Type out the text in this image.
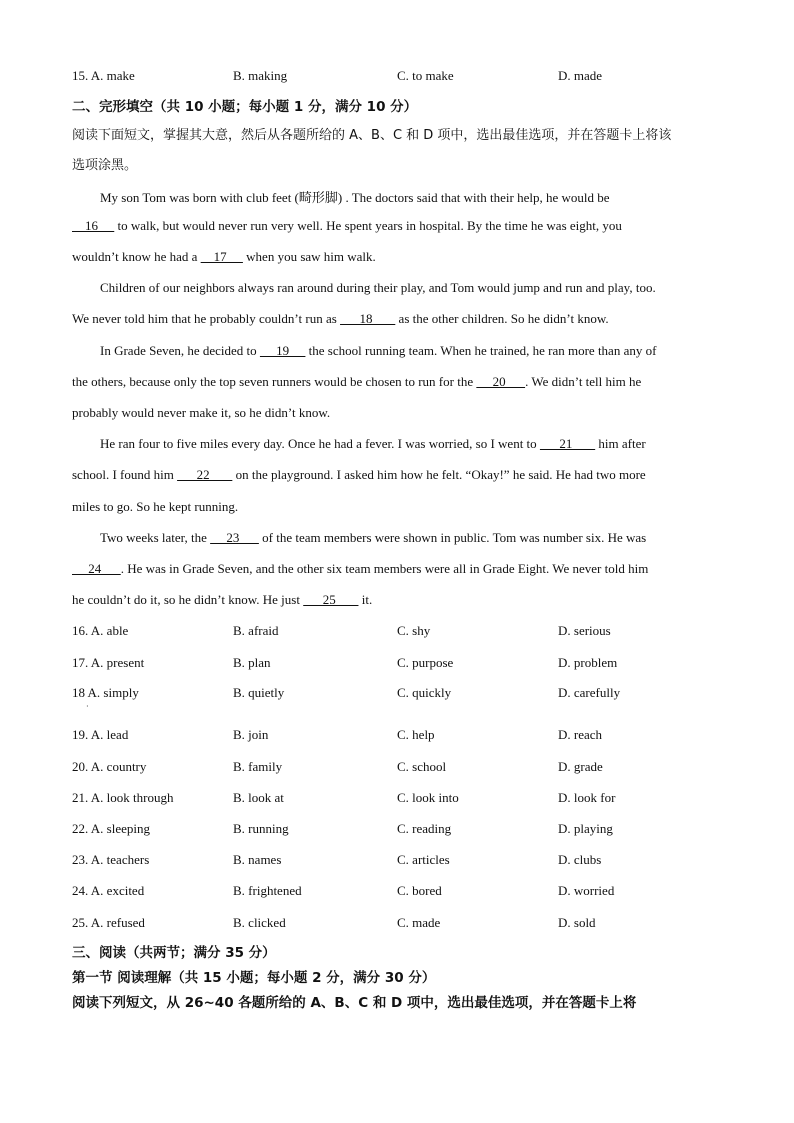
15. A. make	B. making	C. to make	D. made
二、完形填空（共 10 小题；每小题 1 分，满分 10 分）
阅读下面短文，掌握其大意，然后从各题所给的 A、B、C 和 D 项中，选出最佳选项，并在答题卡上将该
选项涂黑。
My son Tom was born with club feet (畸形脚) . The doctors said that with their help, he would be
16      to walk, but would never run very well. He spent years in hospital. By the time he was eight, you
wouldn’t know he had a     17      when you saw him walk.
Children of our neighbors always ran around during their play, and Tom would jump and run and play, too.
We never told him that he probably couldn’t run as       18        as the other children. So he didn’t know.
In Grade Seven, he decided to      19      the school running team. When he trained, he ran more than any of
the others, because only the top seven runners would be chosen to run for the      20      . We didn’t tell him he
probably would never make it, so he didn’t know.
He ran four to five miles every day. Once he had a fever. I was worried, so I went to       21        him after
school. I found him       22        on the playground. I asked him how he felt. “Okay!” he said. He had two more
miles to go. So he kept running.
Two weeks later, the      23       of the team members were shown in public. Tom was number six. He was
24      . He was in Grade Seven, and the other six team members were all in Grade Eight. We never told him
he couldn’t do it, so he didn’t know. He just       25        it.
16. A. able	B. afraid	C. shy	D. serious
17. A. present	B. plan	C. purpose	D. problem
18 A. simply	B. quietly	C. quickly	D. carefully
·
19. A. lead	B. join	C. help	D. reach
20. A. country	B. family	C. school	D. grade
21. A. look through	B. look at	C. look into	D. look for
22. A. sleeping	B. running	C. reading	D. playing
23. A. teachers	B. names	C. articles	D. clubs
24. A. excited	B. frightened	C. bored	D. worried
25. A. refused	B. clicked	C. made	D. sold
三、阅读（共两节；满分 35 分）
第一节 阅读理解（共 15 小题；每小题 2 分，满分 30 分）
阅读下列短文，从 26~40 各题所给的 A、B、C 和 D 项中，选出最佳选项，并在答题卡上将
